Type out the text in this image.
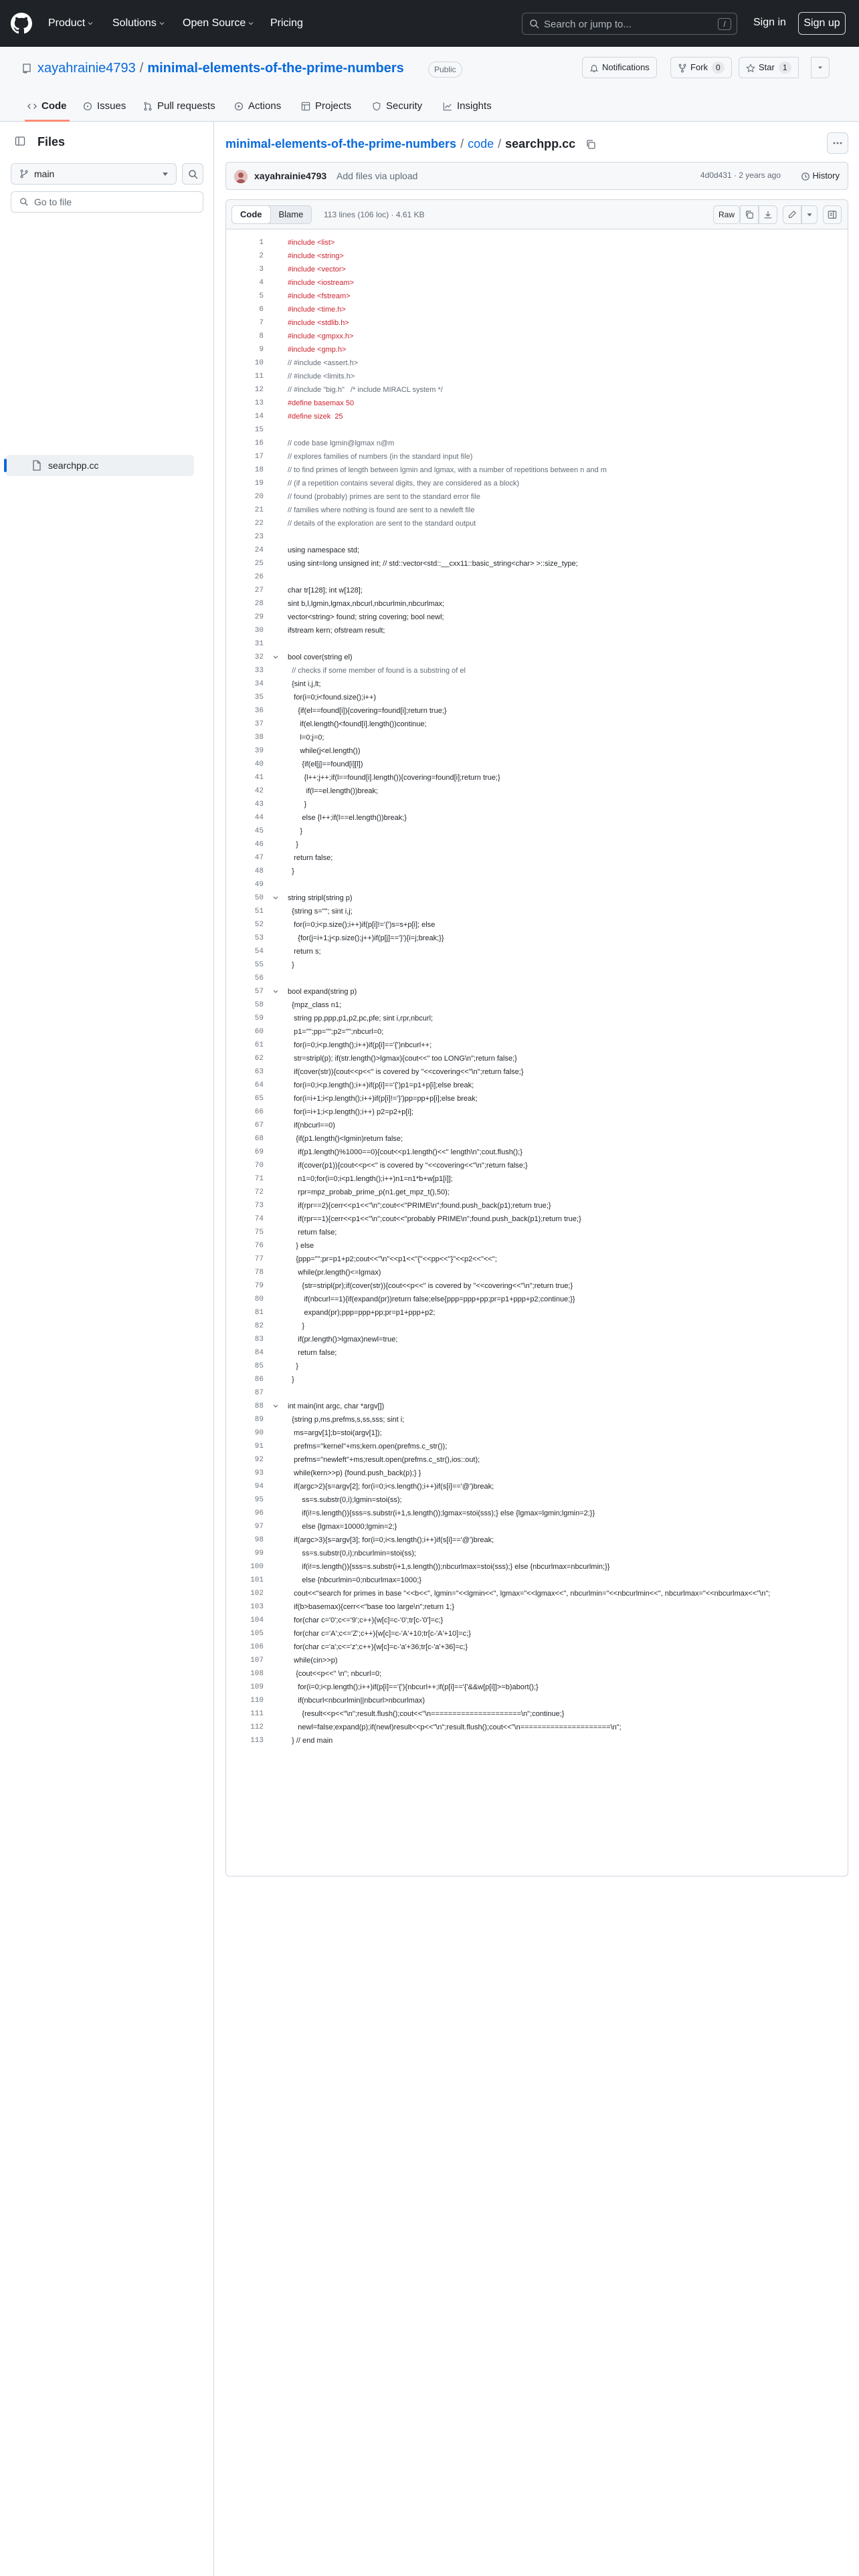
Product	Solutions	Open Source	Pricing	Search or jump to...	/	Sign in	Sign up
xayahrainie4793 / minimal-elements-of-the-prime-numbers	Public	Notifications	Fork 0	Star 1
Code	Issues	Pull requests	Actions	Projects	Security	Insights
Files
main
Go to file
searchpp.cc
minimal-elements-of-the-prime-numbers / code / searchpp.cc
xayahrainie4793 Add files via upload	4d0d431 · 2 years ago	History
Code Blame	113 lines (106 loc) · 4.61 KB	Raw
1	#include <list>
2	#include <string>
3	#include <vector>
4	#include <iostream>
5	#include <fstream>
6	#include <time.h>
7	#include <stdlib.h>
8	#include <gmpxx.h>
9	#include <gmp.h>
10	// #include <assert.h>
11	// #include <limits.h>
12	// #include "big.h"   /* include MIRACL system */
13	#define basemax 50
14	#define sizek  25
15
16	// code base lgmin@lgmax n@m
17	// explores families of numbers (in the standard input file)
18	// to find primes of length between lgmin and lgmax, with a number of repetitions between n and m
19	// (if a repetition contains several digits, they are considered as a block)
20	// found (probably) primes are sent to the standard error file
21	// families where nothing is found are sent to a newleft file
22	// details of the exploration are sent to the standard output
23
24	using namespace std;
25	using sint=long unsigned int; // std::vector<std::__cxx11::basic_string<char> >::size_type;
26
27	char tr[128]; int w[128];
28	sint b,l,lgmin,lgmax,nbcurl,nbcurlmin,nbcurlmax;
29	vector<string> found; string covering; bool newl;
30	ifstream kern; ofstream result;
31
32	bool cover(string el)
33	// checks if some member of found is a substring of el
34	{sint i,j,lt;
35	for(i=0;i<found.size();i++)
36	{if(el==found[i]){covering=found[i];return true;}
37	if(el.length()<found[i].length())continue;
38	l=0;j=0;
39	while(j<el.length())
40	{if(el[j]==found[i][l])
41	{l++;j++;if(l==found[i].length()){covering=found[i];return true;}
42	if(l==el.length())break;
43	}
44	else {l++;if(l==el.length())break;}
45	}
46	}
47	return false;
48	}
49
50	string stripl(string p)
51	{string s=""; sint i,j;
52	for(i=0;i<p.size();i++)if(p[i]!='{')s=s+p[i]; else
53	{for(j=i+1;j<p.size();j++)if(p[j]=='}'){i=j;break;}}
54	return s;
55	}
56
57	bool expand(string p)
58	{mpz_class n1;
59	string pp,ppp,p1,p2,pc,pfe; sint i,rpr,nbcurl;
60	p1="";pp="";p2="";nbcurl=0;
61	for(i=0;i<p.length();i++)if(p[i]=='{')nbcurl++;
62	str=stripl(p); if(str.length()>lgmax){cout<<" too LONG\n";return false;}
63	if(cover(str)){cout<<p<<" is covered by "<<covering<<"\n";return false;}
64	for(i=0;i<p.length();i++)if(p[i]=='{')p1=p1+p[i];else break;
65	for(i=i+1;i<p.length();i++)if(p[i]!='}')pp=pp+p[i];else break;
66	for(i=i+1;i<p.length();i++) p2=p2+p[i];
67	if(nbcurl==0)
68	{if(p1.length()<lgmin)return false;
69	if(p1.length()%1000==0){cout<<p1.length()<<" length\n";cout.flush();}
70	if(cover(p1)){cout<<p<<" is covered by "<<covering<<"\n";return false;}
71	n1=0;for(i=0;i<p1.length();i++)n1=n1*b+w[p1[i]];
72	rpr=mpz_probab_prime_p(n1.get_mpz_t(),50);
73	if(rpr==2){cerr<<p1<<"\n";cout<<"PRIME\n";found.push_back(p1);return true;}
74	if(rpr==1){cerr<<p1<<"\n";cout<<"probably PRIME\n";found.push_back(p1);return true;}
75	return false;
76	} else
77	{ppp="";pr=p1+p2;cout<<"\n"<<p1<<"{"<<pp<<"}"<<p2<<"<<";
78	while(pr.length()<=lgmax)
79	{str=stripl(pr);if(cover(str)){cout<<p<<" is covered by "<<covering<<"\n";return true;}
80	if(nbcurl==1){if(expand(pr))return false;else{ppp=ppp+pp;pr=p1+ppp+p2;continue;}}
81	expand(pr);ppp=ppp+pp;pr=p1+ppp+p2;
82	}
83	if(pr.length()>lgmax)newl=true;
84	return false;
85	}
86	}
87
88	int main(int argc, char *argv[])
89	{string p,ms,prefms,s,ss,sss; sint i;
90	ms=argv[1];b=stoi(argv[1]);
91	prefms="kernel"+ms;kern.open(prefms.c_str());
92	prefms="newleft"+ms;result.open(prefms.c_str(),ios::out);
93	while(kern>>p) {found.push_back(p);} }
94	if(argc>2){s=argv[2]; for(i=0;i<s.length();i++)if(s[i]=='@')break;
95	ss=s.substr(0,i);lgmin=stoi(ss);
96	if(i!=s.length()){sss=s.substr(i+1,s.length());lgmax=stoi(sss);} else {lgmax=lgmin;lgmin=2;}}
97	else {lgmax=10000;lgmin=2;}
98	if(argc>3){s=argv[3]; for(i=0;i<s.length();i++)if(s[i]=='@')break;
99	ss=s.substr(0,i);nbcurlmin=stoi(ss);
100	if(i!=s.length()){sss=s.substr(i+1,s.length());nbcurlmax=stoi(sss);} else {nbcurlmax=nbcurlmin;}}
101	else {nbcurlmin=0;nbcurlmax=1000;}
102	cout<<"search for primes in base "<<b<<", lgmin="<<lgmin<<", lgmax="<<lgmax<<", nbcurlmin="<<nbcurlmin<<", nbcurlmax="<<nbcurlmax<<"\n";
103	if(b>basemax){cerr<<"base too large\n";return 1;}
104	for(char c='0';c<='9';c++){w[c]=c-'0';tr[c-'0']=c;}
105	for(char c='A';c<='Z';c++){w[c]=c-'A'+10;tr[c-'A'+10]=c;}
106	for(char c='a';c<='z';c++){w[c]=c-'a'+36;tr[c-'a'+36]=c;}
107	while(cin>>p)
108	{cout<<p<<" \n"; nbcurl=0;
109	for(i=0;i<p.length();i++)if(p[i]=='{'){nbcurl++;if(p[i]=='{'&&w[p[i]]>=b)abort();}
110	if(nbcurl<nbcurlmin||nbcurl>nbcurlmax)
111	{result<<p<<"\n";result.flush();cout<<"\n=====================\n";continue;}
112	newl=false;expand(p);if(newl)result<<p<<"\n";result.flush();cout<<"\n=====================\n";
113	} // end main
